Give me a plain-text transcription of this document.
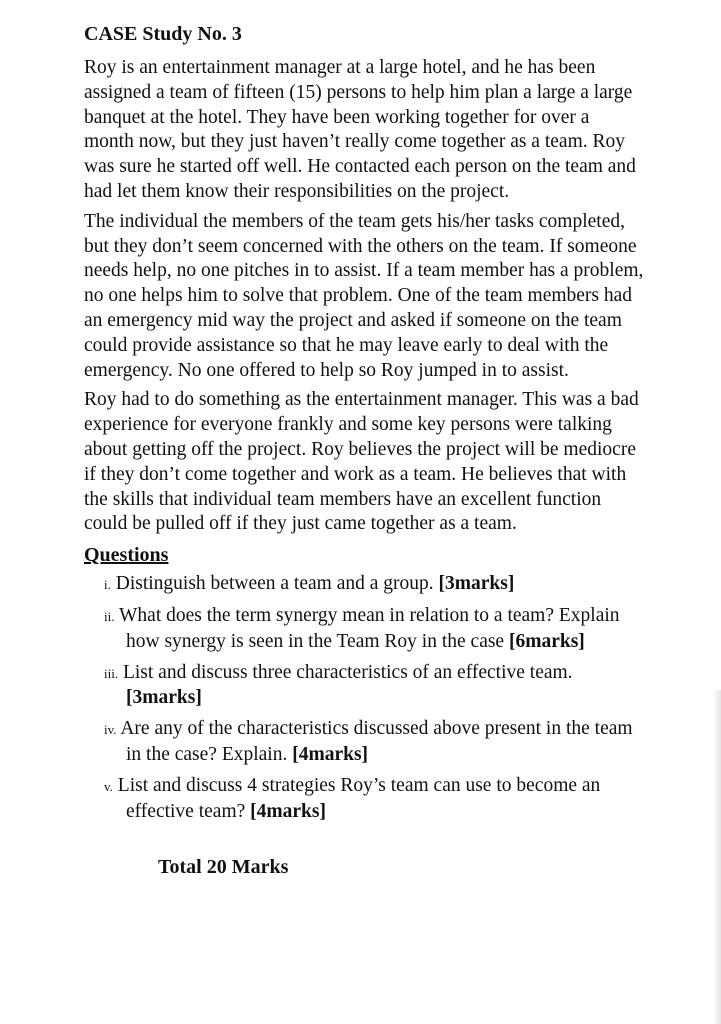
CASE Study No. 3

Roy is an entertainment manager at a large hotel, and he has been assigned a team of fifteen (15) persons to help him plan a large a large banquet at the hotel. They have been working together for over a month now, but they just haven’t really come together as a team. Roy was sure he started off well. He contacted each person on the team and had let them know their responsibilities on the project.

The individual the members of the team gets his/her tasks completed, but they don’t seem concerned with the others on the team. If someone needs help, no one pitches in to assist. If a team member has a problem, no one helps him to solve that problem. One of the team members had an emergency mid way the project and asked if someone on the team could provide assistance so that he may leave early to deal with the emergency. No one offered to help so Roy jumped in to assist.

Roy had to do something as the entertainment manager. This was a bad experience for everyone frankly and some key persons were talking about getting off the project. Roy believes the project will be mediocre if they don’t come together and work as a team. He believes that with the skills that individual team members have an excellent function could be pulled off if they just came together as a team.

Questions
i. Distinguish between a team and a group. [3marks]
ii. What does the term synergy mean in relation to a team? Explain how synergy is seen in the Team Roy in the case [6marks]
iii. List and discuss three characteristics of an effective team. [3marks]
iv. Are any of the characteristics discussed above present in the team in the case? Explain. [4marks]
v. List and discuss 4 strategies Roy’s team can use to become an effective team? [4marks]
Total 20 Marks
